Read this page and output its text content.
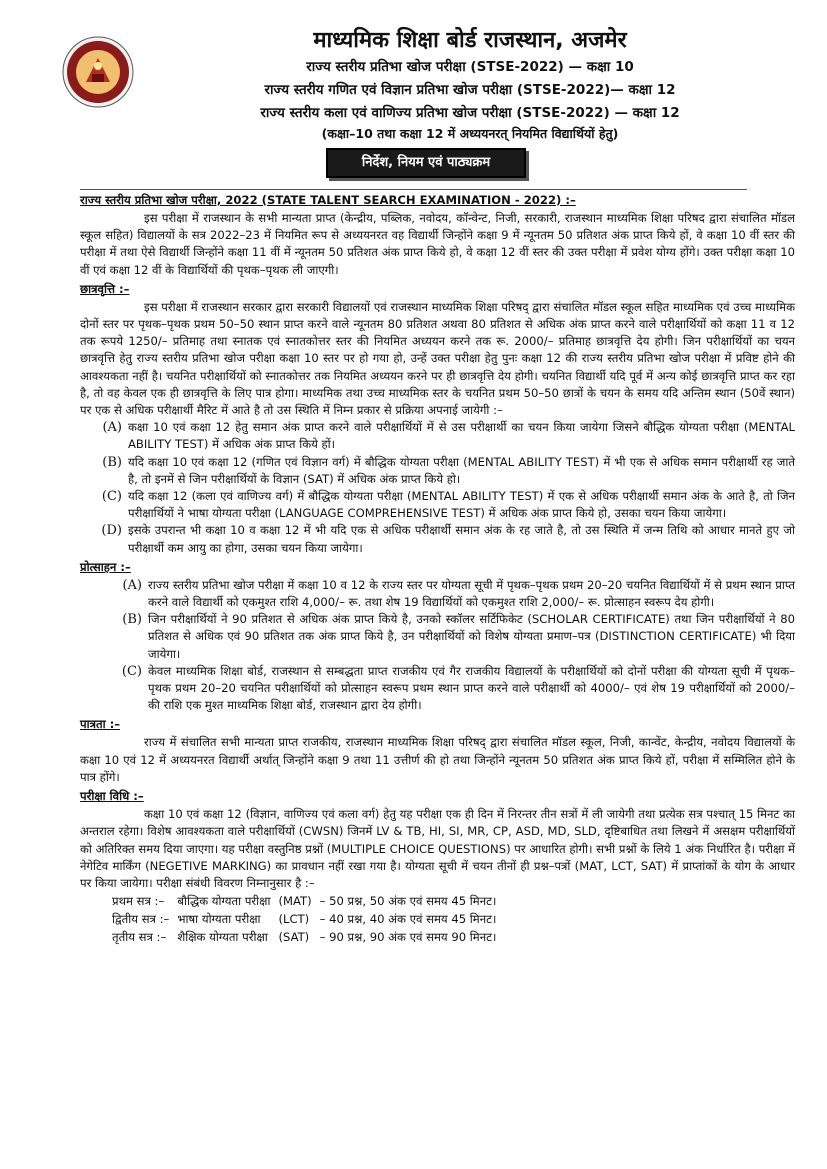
माध्यमिक शिक्षा बोर्ड राजस्थान, अजमेर
राज्य स्तरीय प्रतिभा खोज परीक्षा (STSE-2022) — कक्षा 10
राज्य स्तरीय गणित एवं विज्ञान प्रतिभा खोज परीक्षा (STSE-2022)— कक्षा 12
राज्य स्तरीय कला एवं वाणिज्य प्रतिभा खोज परीक्षा (STSE-2022) — कक्षा 12
(कक्षा–10 तथा कक्षा 12 में अध्ययनरत् नियमित विद्यार्थियों हेतु)
निर्देश, नियम एवं पाठ्यक्रम
राज्य स्तरीय प्रतिभा खोज परीक्षा, 2022 (STATE TALENT SEARCH EXAMINATION - 2022) :–

इस परीक्षा में राजस्थान के सभी मान्यता प्राप्त (केन्द्रीय, पब्लिक, नवोदय, कॉन्वेन्ट, निजी, सरकारी, राजस्थान माध्यमिक शिक्षा परिषद द्वारा संचालित मॉडल स्कूल सहित) विद्यालयों के सत्र 2022–23 में नियमित रूप से अध्ययनरत वह विद्यार्थी जिन्होंने कक्षा 9 में न्यूनतम 50 प्रतिशत अंक प्राप्त किये हों, वे कक्षा 10 वीं स्तर की परीक्षा में तथा ऐसे विद्यार्थी जिन्होंने कक्षा 11 वीं में न्यूनतम 50 प्रतिशत अंक प्राप्त किये हो, वे कक्षा 12 वीं स्तर की उक्त परीक्षा में प्रवेश योग्य होंगे। उक्त परीक्षा कक्षा 10 वीं एवं कक्षा 12 वीं के विद्यार्थियों की पृथक–पृथक ली जाएगी।

छात्रवृत्ति :–

इस परीक्षा में राजस्थान सरकार द्वारा सरकारी विद्यालयों एवं राजस्थान माध्यमिक शिक्षा परिषद् द्वारा संचालित मॉडल स्कूल सहित माध्यमिक एवं उच्च माध्यमिक दोनों स्तर पर पृथक–पृथक प्रथम 50–50 स्थान प्राप्त करने वाले न्यूनतम 80 प्रतिशत अथवा 80 प्रतिशत से अधिक अंक प्राप्त करने वाले परीक्षार्थियों को कक्षा 11 व 12 तक रूपये 1250/– प्रतिमाह तथा स्नातक एवं स्नातकोत्तर स्तर की नियमित अध्ययन करने तक रू. 2000/– प्रतिमाह छात्रवृत्ति देय होगी। जिन परीक्षार्थियों का चयन छात्रवृत्ति हेतु राज्य स्तरीय प्रतिभा खोज परीक्षा कक्षा 10 स्तर पर हो गया हो, उन्हें उक्त परीक्षा हेतु पुनः कक्षा 12 की राज्य स्तरीय प्रतिभा खोज परीक्षा में प्रविष्ट होने की आवश्यकता नहीं है। चयनित परीक्षार्थियों को स्नातकोत्तर तक नियमित अध्ययन करने पर ही छात्रवृत्ति देय होगी। चयनित विद्यार्थी यदि पूर्व में अन्य कोई छात्रवृत्ति प्राप्त कर रहा है, तो वह केवल एक ही छात्रवृत्ति के लिए पात्र होगा। माध्यमिक तथा उच्च माध्यमिक स्तर के चयनित प्रथम 50–50 छात्रों के चयन के समय यदि अन्तिम स्थान (50वें स्थान) पर एक से अधिक परीक्षार्थी मैरिट में आते है तो उस स्थिति में निम्न प्रकार से प्रक्रिया अपनाई जायेगी :–

(A) कक्षा 10 एवं कक्षा 12 हेतु समान अंक प्राप्त करने वाले परीक्षार्थियों में से उस परीक्षार्थी का चयन किया जायेगा जिसने बौद्धिक योग्यता परीक्षा (MENTAL ABILITY TEST) में अधिक अंक प्राप्त किये हों।
(B) यदि कक्षा 10 एवं कक्षा 12 (गणित एवं विज्ञान वर्ग) में बौद्धिक योग्यता परीक्षा (MENTAL ABILITY TEST) में भी एक से अधिक समान परीक्षार्थी रह जाते है, तो इनमें से जिन परीक्षार्थियों के विज्ञान (SAT) में अधिक अंक प्राप्त किये हो।
(C) यदि कक्षा 12 (कला एवं वाणिज्य वर्ग) में बौद्धिक योग्यता परीक्षा (MENTAL ABILITY TEST) में एक से अधिक परीक्षार्थी समान अंक के आते है, तो जिन परीक्षार्थियों ने भाषा योग्यता परीक्षा (LANGUAGE COMPREHENSIVE TEST) में अधिक अंक प्राप्त किये हो, उसका चयन किया जायेगा।
(D) इसके उपरान्त भी कक्षा 10 व कक्षा 12 में भी यदि एक से अधिक परीक्षार्थी समान अंक के रह जाते है, तो उस स्थिति में जन्म तिथि को आधार मानते हुए जो परीक्षार्थी कम आयु का होगा, उसका चयन किया जायेगा।
प्रोत्साहन :–
(A) राज्य स्तरीय प्रतिभा खोज परीक्षा में कक्षा 10 व 12 के राज्य स्तर पर योग्यता सूची में पृथक–पृथक प्रथम 20–20 चयनित विद्यार्थियों में से प्रथम स्थान प्राप्त करने वाले विद्यार्थी को एकमुश्त राशि 4,000/– रू. तथा शेष 19 विद्यार्थियों को एकमुश्त राशि 2,000/– रू. प्रोत्साहन स्वरूप देय होगी।
(B) जिन परीक्षार्थियों ने 90 प्रतिशत से अधिक अंक प्राप्त किये है, उनको स्कॉलर सर्टिफिकेट (SCHOLAR CERTIFICATE) तथा जिन परीक्षार्थियों ने 80 प्रतिशत से अधिक एवं 90 प्रतिशत तक अंक प्राप्त किये है, उन परीक्षार्थियों को विशेष योग्यता प्रमाण–पत्र (DISTINCTION CERTIFICATE) भी दिया जायेगा।
(C) केवल माध्यमिक शिक्षा बोर्ड, राजस्थान से सम्बद्धता प्राप्त राजकीय एवं गैर राजकीय विद्यालयों के परीक्षार्थियों को दोनों परीक्षा की योग्यता सूची में पृथक–पृथक प्रथम 20–20 चयनित परीक्षार्थियों को प्रोत्साहन स्वरूप प्रथम स्थान प्राप्त करने वाले परीक्षार्थी को 4000/– एवं शेष 19 परीक्षार्थियों को 2000/– की राशि एक मुश्त माध्यमिक शिक्षा बोर्ड, राजस्थान द्वारा देय होगी।
पात्रता :–

राज्य में संचालित सभी मान्यता प्राप्त राजकीय, राजस्थान माध्यमिक शिक्षा परिषद् द्वारा संचालित मॉडल स्कूल, निजी, कान्वेंट, केन्द्रीय, नवोदय विद्यालयों के कक्षा 10 एवं 12 में अध्ययनरत विद्यार्थी अर्थात् जिन्होंने कक्षा 9 तथा 11 उत्तीर्ण की हो तथा जिन्होंने न्यूनतम 50 प्रतिशत अंक प्राप्त किये हों, परीक्षा में सम्मिलित होने के पात्र होंगे।

परीक्षा विधि :–

कक्षा 10 एवं कक्षा 12 (विज्ञान, वाणिज्य एवं कला वर्ग) हेतु यह परीक्षा एक ही दिन में निरन्तर तीन सत्रों में ली जायेगी तथा प्रत्येक सत्र पश्चात् 15 मिनट का अन्तराल रहेगा। विशेष आवश्यकता वाले परीक्षार्थियों (CWSN) जिनमें LV & TB, HI, SI, MR, CP, ASD, MD, SLD, दृष्टिबाधित तथा लिखने में असक्षम परीक्षार्थियों को अतिरिक्त समय दिया जाएगा। यह परीक्षा वस्तुनिष्ठ प्रश्नों (MULTIPLE CHOICE QUESTIONS) पर आधारित होगी। सभी प्रश्नों के लिये 1 अंक निर्धारित है। परीक्षा में नेगेटिव मार्किंग (NEGETIVE MARKING) का प्रावधान नहीं रखा गया है। योग्यता सूची में चयन तीनों ही प्रश्न–पत्रों (MAT, LCT, SAT) में प्राप्तांकों के योग के आधार पर किया जायेगा। परीक्षा संबंधी विवरण निम्नानुसार है :–

प्रथम सत्र :–	बौद्धिक योग्यता परीक्षा	(MAT)	– 50 प्रश्न, 50 अंक एवं समय 45 मिनट।
द्वितीय सत्र :–	भाषा योग्यता परीक्षा	(LCT)	– 40 प्रश्न, 40 अंक एवं समय 45 मिनट।
तृतीय सत्र :–	शैक्षिक योग्यता परीक्षा	(SAT)	– 90 प्रश्न, 90 अंक एवं समय 90 मिनट।
